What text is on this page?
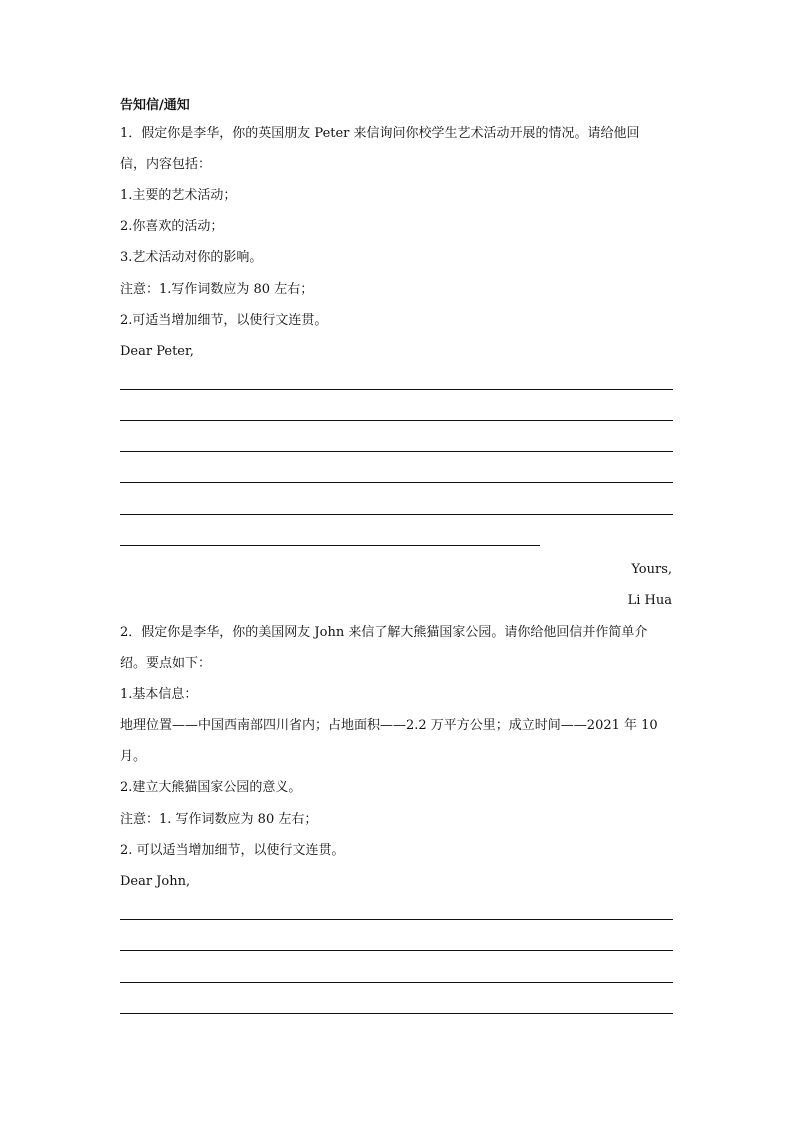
告知信/通知
1．假定你是李华，你的英国朋友 Peter 来信询问你校学生艺术活动开展的情况。请给他回
信，内容包括：
1.主要的艺术活动；
2.你喜欢的活动；
3.艺术活动对你的影响。
注意：1.写作词数应为 80 左右；
2.可适当增加细节，以使行文连贯。
Dear Peter,
Yours,
Li Hua
2．假定你是李华，你的美国网友 John 来信了解大熊猫国家公园。请你给他回信并作简单介
绍。要点如下：
1.基本信息：
地理位置——中国西南部四川省内；占地面积——2.2 万平方公里；成立时间——2021 年 10
月。
2.建立大熊猫国家公园的意义。
注意：1. 写作词数应为 80 左右；
2. 可以适当增加细节，以使行文连贯。
Dear John,
